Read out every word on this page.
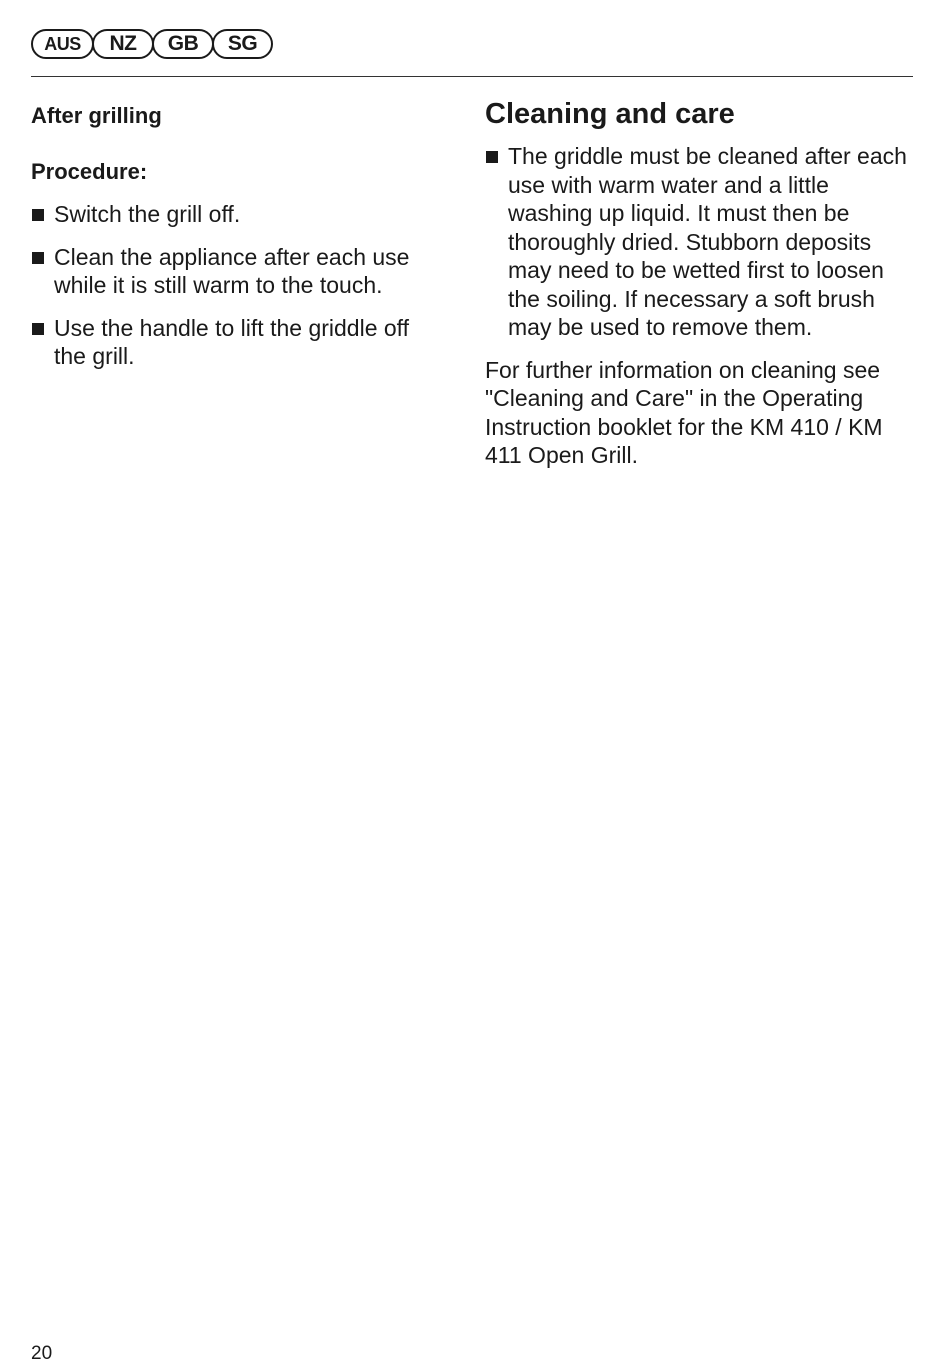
AUS	NZ	GB	SG
After grilling
Procedure:
Switch the grill off.
Clean the appliance after each use while it is still warm to the touch.
Use the handle to lift the griddle off the grill.
Cleaning and care
The griddle must be cleaned after each use with warm water and a little washing up liquid. It must then be thoroughly dried. Stubborn deposits may need to be wetted first to loosen the soiling. If necessary a soft brush may be used to remove them.

For further information on cleaning see "Cleaning and Care" in the Operating Instruction booklet for the KM 410 / KM 411 Open Grill.

20
